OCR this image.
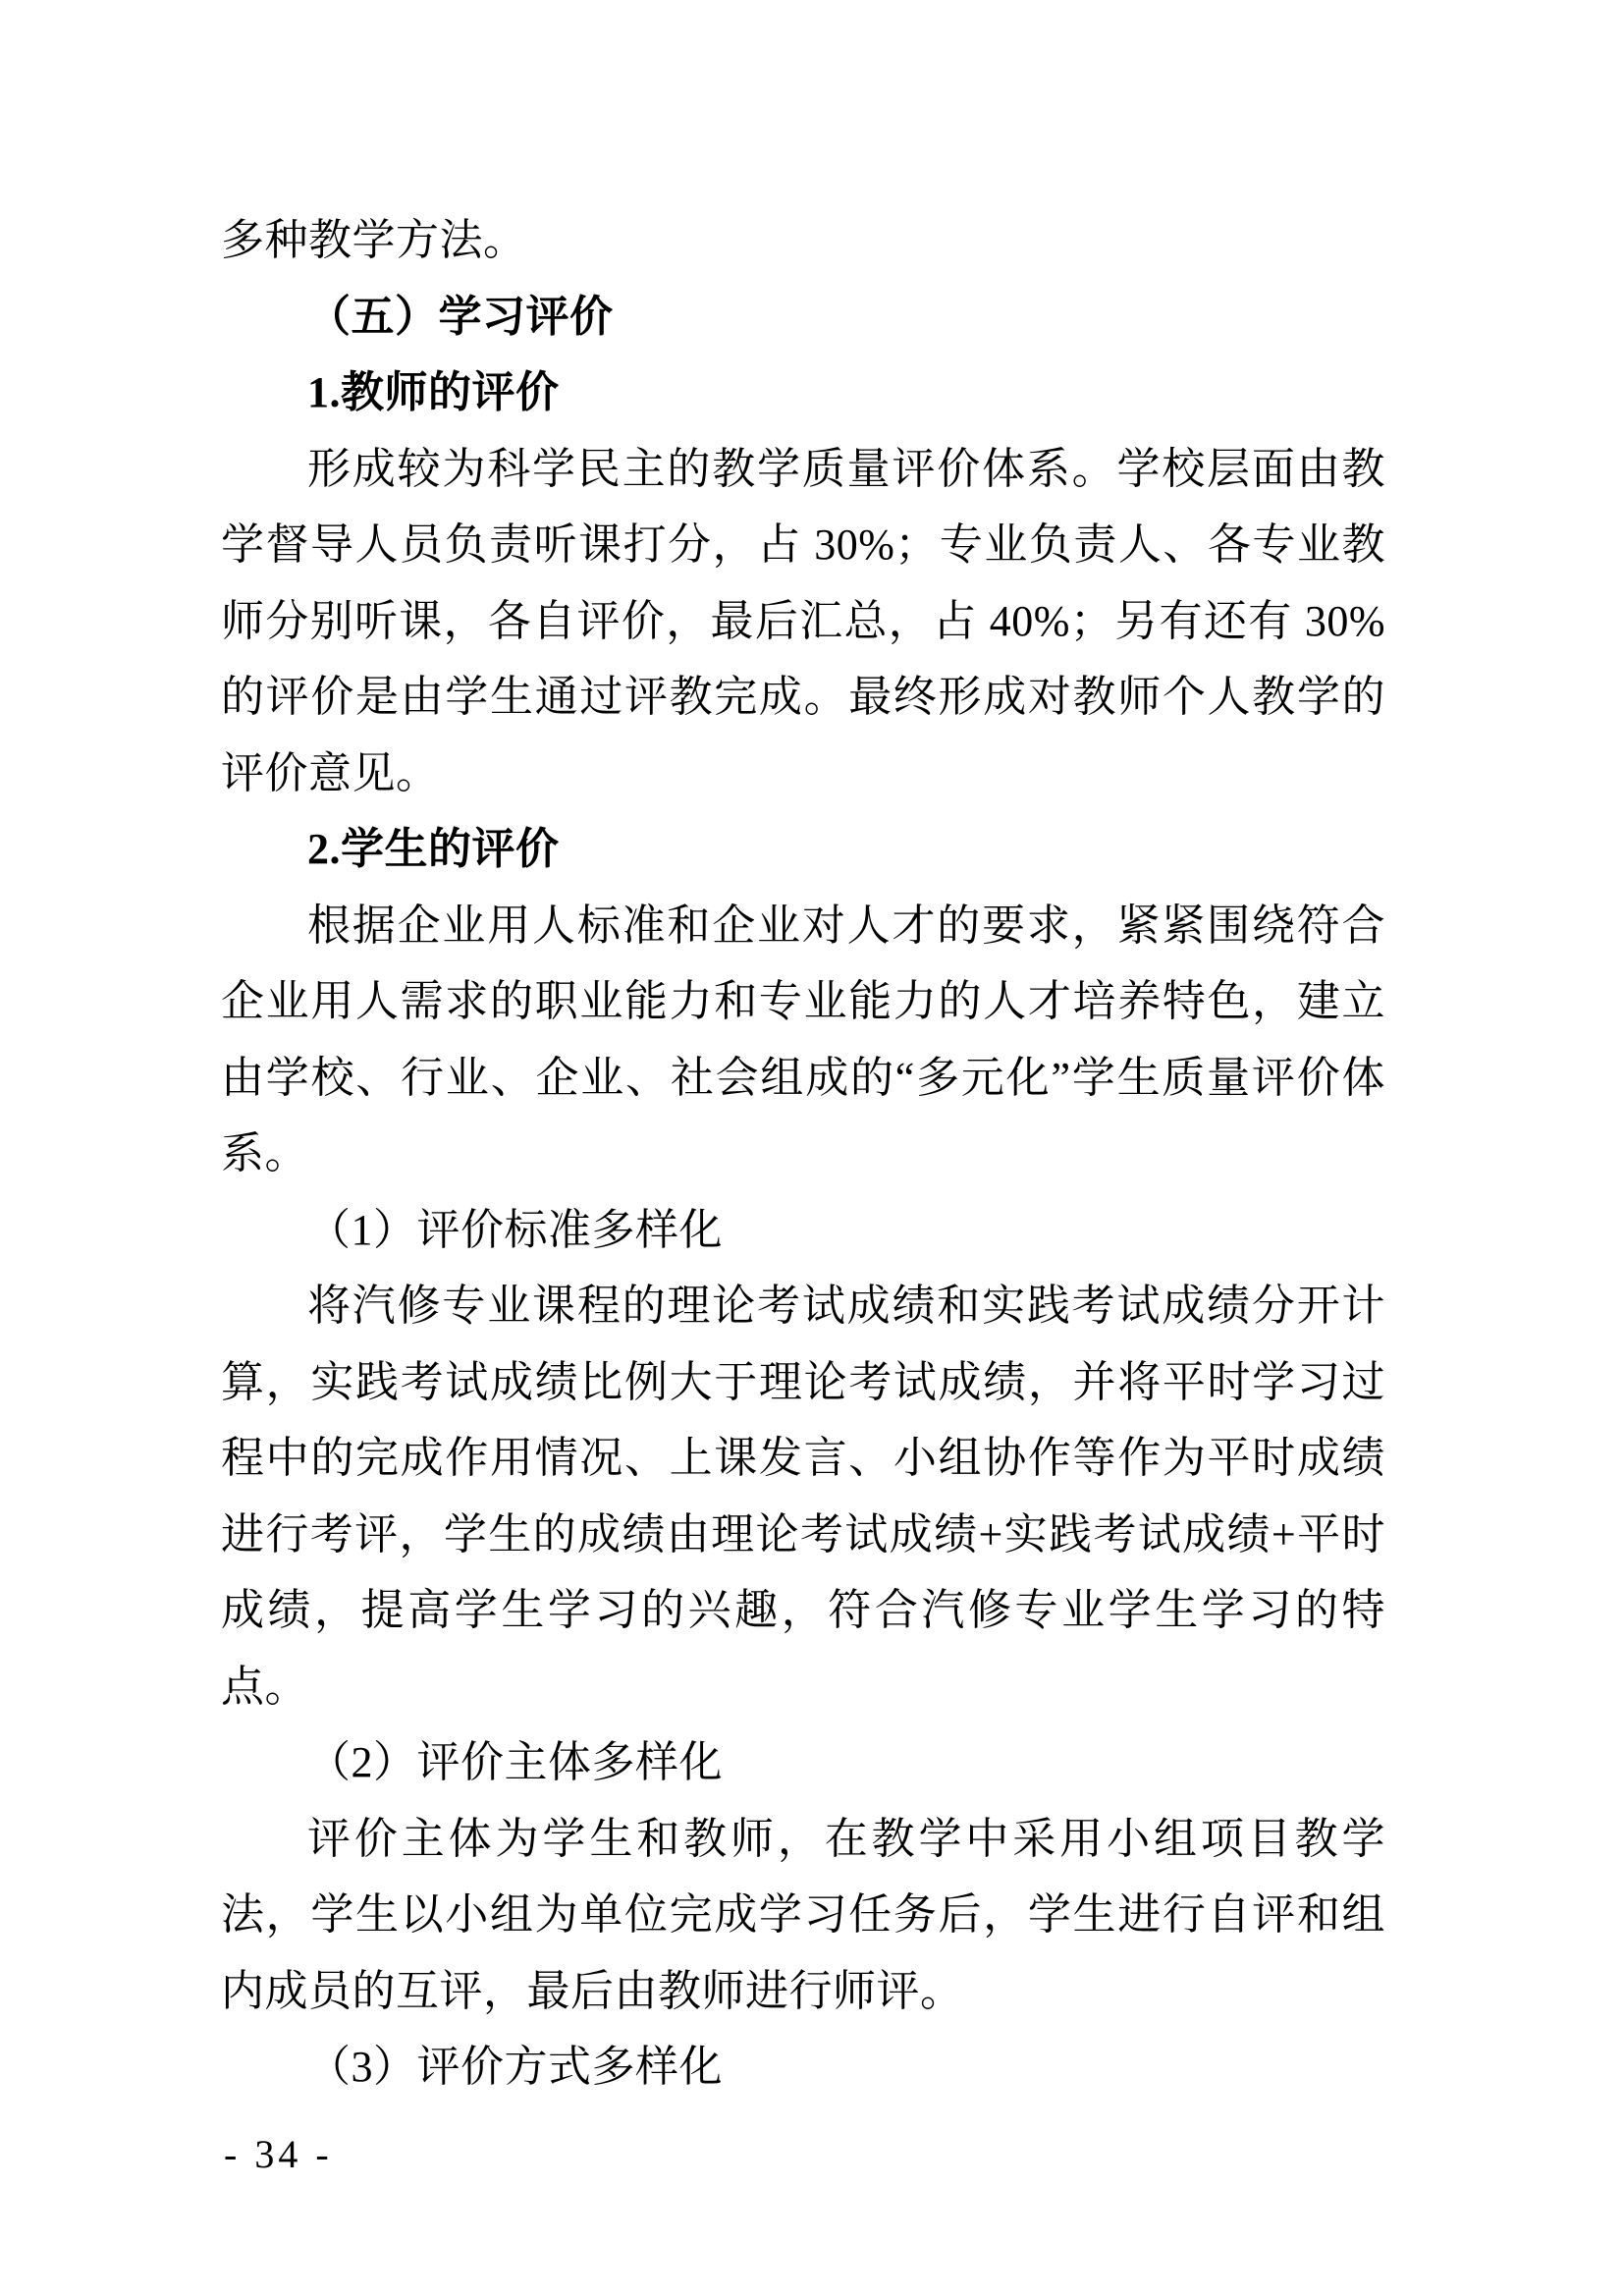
多种教学方法。

（五）学习评价

1.教师的评价

形成较为科学民主的教学质量评价体系。学校层面由教学督导人员负责听课打分，占 30%；专业负责人、各专业教师分别听课，各自评价，最后汇总，占 40%；另有还有 30%的评价是由学生通过评教完成。最终形成对教师个人教学的评价意见。

2.学生的评价

根据企业用人标准和企业对人才的要求，紧紧围绕符合企业用人需求的职业能力和专业能力的人才培养特色，建立由学校、行业、企业、社会组成的“多元化”学生质量评价体系。

（1）评价标准多样化

将汽修专业课程的理论考试成绩和实践考试成绩分开计算，实践考试成绩比例大于理论考试成绩，并将平时学习过程中的完成作用情况、上课发言、小组协作等作为平时成绩进行考评，学生的成绩由理论考试成绩+实践考试成绩+平时成绩，提高学生学习的兴趣，符合汽修专业学生学习的特点。

（2）评价主体多样化

评价主体为学生和教师，在教学中采用小组项目教学法，学生以小组为单位完成学习任务后，学生进行自评和组内成员的互评，最后由教师进行师评。

（3）评价方式多样化

- 34 -
